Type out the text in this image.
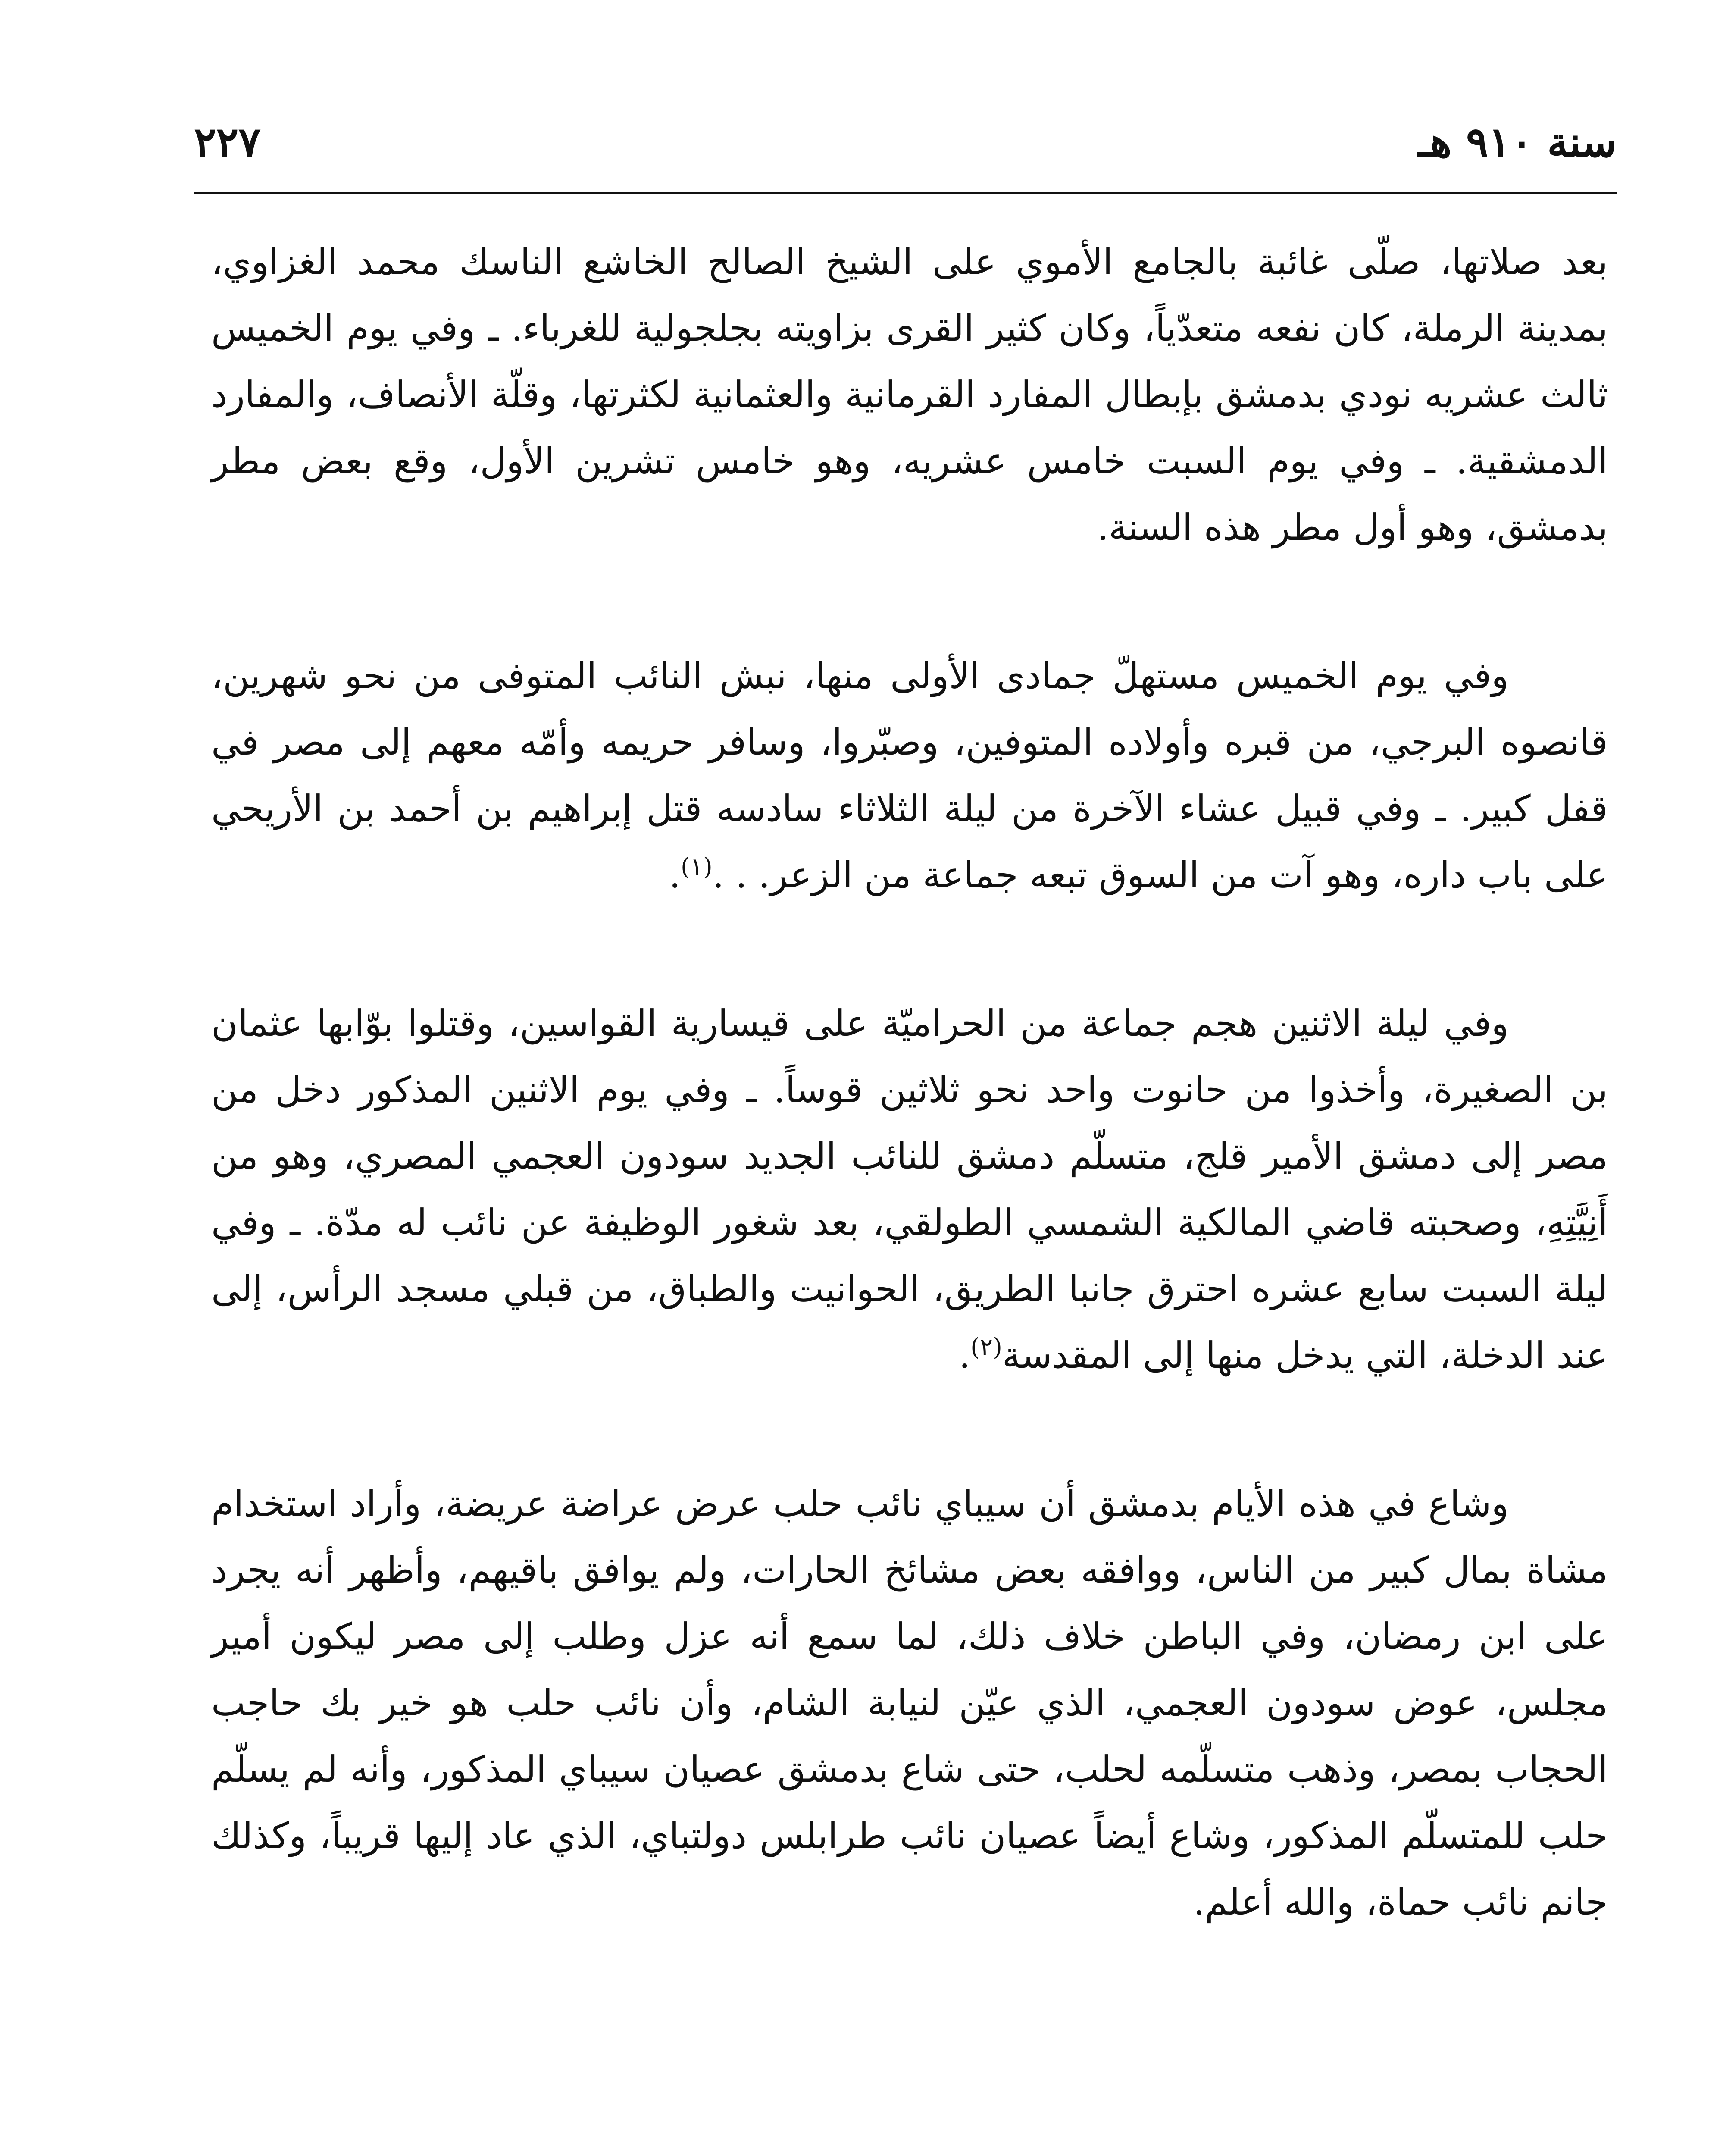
سنة ٩١٠ هـ
٢٢٧

بعد صلاتها، صلّى غائبة بالجامع الأموي على الشيخ الصالح الخاشع الناسك محمد الغزاوي، بمدينة الرملة، كان نفعه متعدّياً، وكان كثير القرى بزاويته بجلجولية للغرباء. ـ وفي يوم الخميس ثالث عشريه نودي بدمشق بإبطال المفارد القرمانية والعثمانية لكثرتها، وقلّة الأنصاف، والمفارد الدمشقية. ـ وفي يوم السبت خامس عشريه، وهو خامس تشرين الأول، وقع بعض مطر بدمشق، وهو أول مطر هذه السنة.

وفي يوم الخميس مستهلّ جمادى الأولى منها، نبش النائب المتوفى من نحو شهرين، قانصوه البرجي، من قبره وأولاده المتوفين، وصبّروا، وسافر حريمه وأمّه معهم إلى مصر في قفل كبير. ـ وفي قبيل عشاء الآخرة من ليلة الثلاثاء سادسه قتل إبراهيم بن أحمد بن الأريحي على باب داره، وهو آت من السوق تبعه جماعة من الزعر. . .$^{(١)}$.

وفي ليلة الاثنين هجم جماعة من الحراميّة على قيسارية القواسين، وقتلوا بوّابها عثمان بن الصغيرة، وأخذوا من حانوت واحد نحو ثلاثين قوساً. ـ وفي يوم الاثنين المذكور دخل من مصر إلى دمشق الأمير قلج، متسلّم دمشق للنائب الجديد سودون العجمي المصري، وهو من أَنِيَّتِهِ، وصحبته قاضي المالكية الشمسي الطولقي، بعد شغور الوظيفة عن نائب له مدّة. ـ وفي ليلة السبت سابع عشره احترق جانبا الطريق، الحوانيت والطباق، من قبلي مسجد الرأس، إلى عند الدخلة، التي يدخل منها إلى المقدسة$^{(٢)}$.

وشاع في هذه الأيام بدمشق أن سيباي نائب حلب عرض عراضة عريضة، وأراد استخدام مشاة بمال كبير من الناس، ووافقه بعض مشائخ الحارات، ولم يوافق باقيهم، وأظهر أنه يجرد على ابن رمضان، وفي الباطن خلاف ذلك، لما سمع أنه عزل وطلب إلى مصر ليكون أمير مجلس، عوض سودون العجمي، الذي عيّن لنيابة الشام، وأن نائب حلب هو خير بك حاجب الحجاب بمصر، وذهب متسلّمه لحلب، حتى شاع بدمشق عصيان سيباي المذكور، وأنه لم يسلّم حلب للمتسلّم المذكور، وشاع أيضاً عصيان نائب طرابلس دولتباي، الذي عاد إليها قريباً، وكذلك جانم نائب حماة، والله أعلم.
